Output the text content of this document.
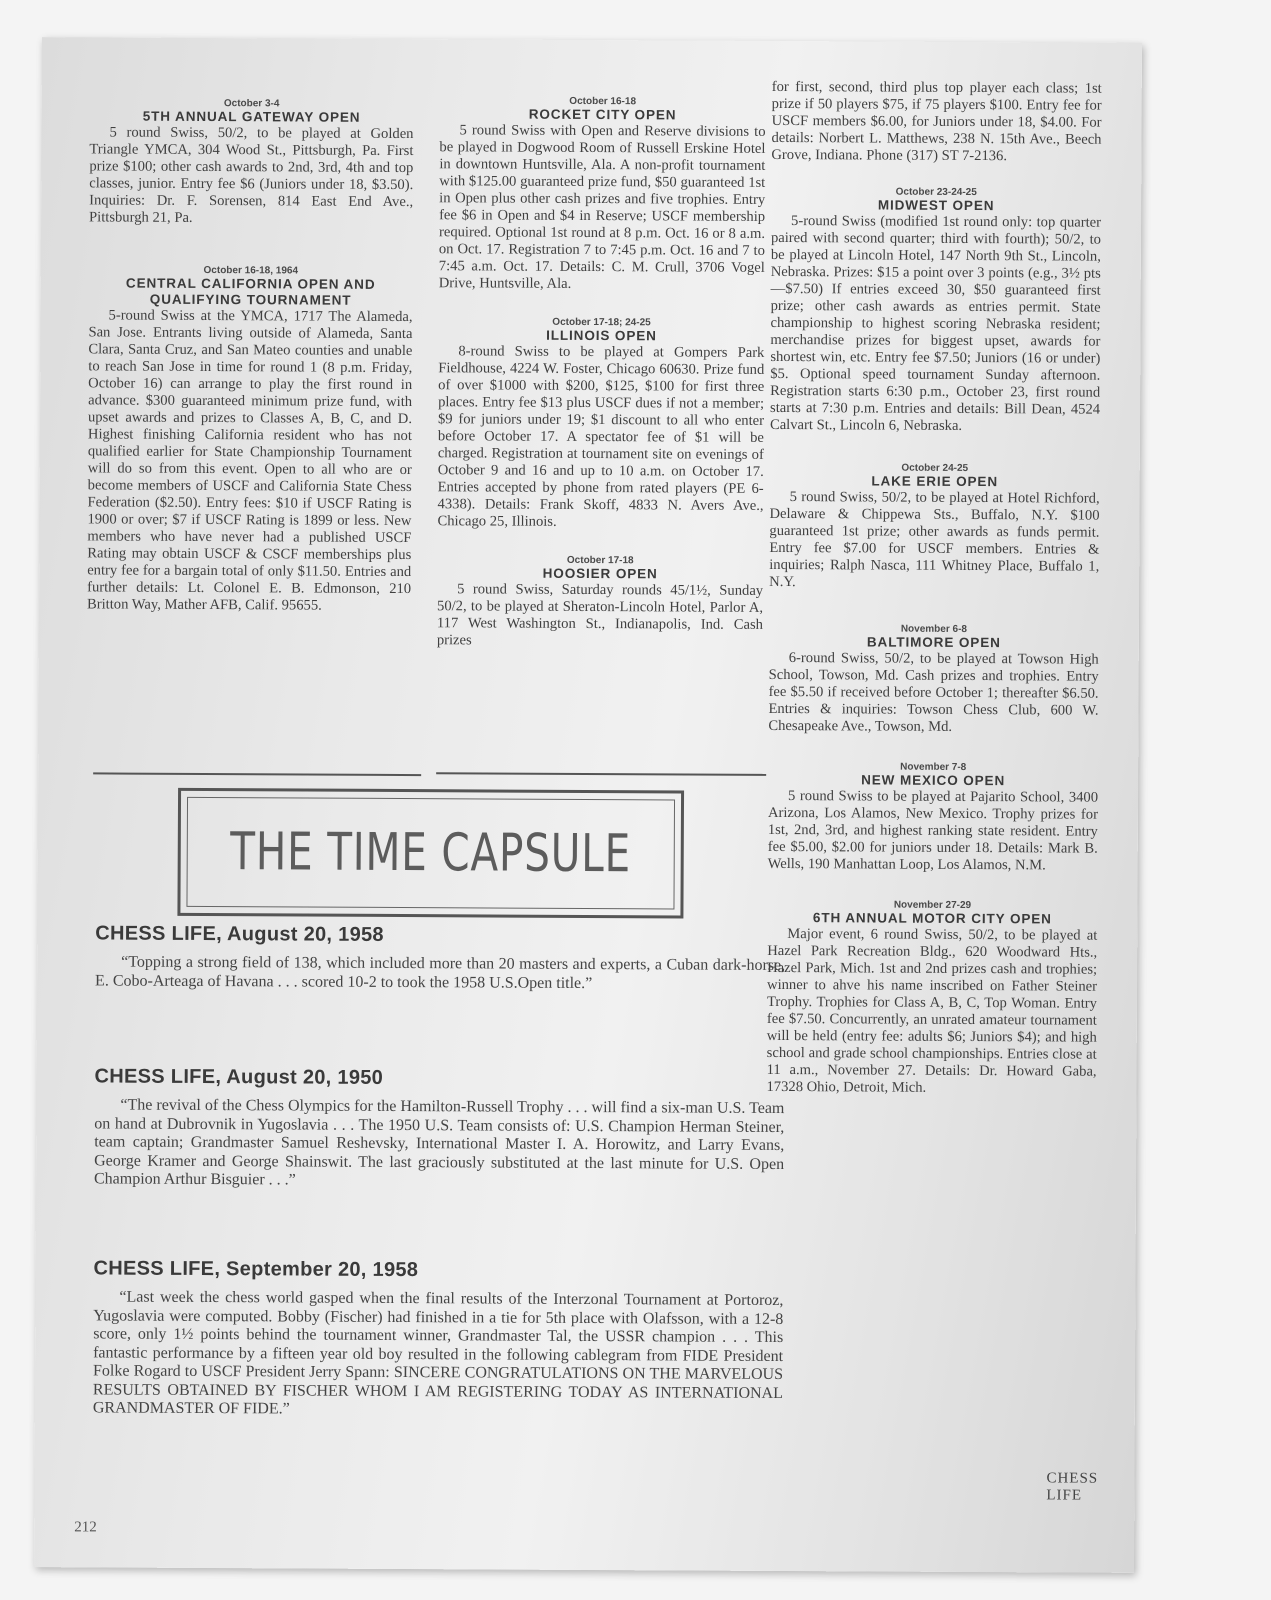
October 3-4
5TH ANNUAL GATEWAY OPEN

5 round Swiss, 50/2, to be played at Golden Triangle YMCA, 304 Wood St., Pittsburgh, Pa. First prize $100; other cash awards to 2nd, 3rd, 4th and top classes, junior. Entry fee $6 (Juniors under 18, $3.50). Inquiries: Dr. F. Sorensen, 814 East End Ave., Pittsburgh 21, Pa.

October 16-18, 1964
CENTRAL CALIFORNIA OPEN AND QUALIFYING TOURNAMENT

5-round Swiss at the YMCA, 1717 The Alameda, San Jose. Entrants living outside of Alameda, Santa Clara, Santa Cruz, and San Mateo counties and unable to reach San Jose in time for round 1 (8 p.m. Friday, October 16) can arrange to play the first round in advance. $300 guaranteed minimum prize fund, with upset awards and prizes to Classes A, B, C, and D. Highest finishing California resident who has not qualified earlier for State Championship Tournament will do so from this event. Open to all who are or become members of USCF and California State Chess Federation ($2.50). Entry fees: $10 if USCF Rating is 1900 or over; $7 if USCF Rating is 1899 or less. New members who have never had a published USCF Rating may obtain USCF & CSCF memberships plus entry fee for a bargain total of only $11.50. Entries and further details: Lt. Colonel E. B. Edmonson, 210 Britton Way, Mather AFB, Calif. 95655.

October 16-18
ROCKET CITY OPEN

5 round Swiss with Open and Reserve divisions to be played in Dogwood Room of Russell Erskine Hotel in downtown Huntsville, Ala. A non-profit tournament with $125.00 guaranteed prize fund, $50 guaranteed 1st in Open plus other cash prizes and five trophies. Entry fee $6 in Open and $4 in Reserve; USCF membership required. Optional 1st round at 8 p.m. Oct. 16 or 8 a.m. on Oct. 17. Registration 7 to 7:45 p.m. Oct. 16 and 7 to 7:45 a.m. Oct. 17. Details: C. M. Crull, 3706 Vogel Drive, Huntsville, Ala.

October 17-18; 24-25
ILLINOIS OPEN

8-round Swiss to be played at Gompers Park Fieldhouse, 4224 W. Foster, Chicago 60630. Prize fund of over $1000 with $200, $125, $100 for first three places. Entry fee $13 plus USCF dues if not a member; $9 for juniors under 19; $1 discount to all who enter before October 17. A spectator fee of $1 will be charged. Registration at tournament site on evenings of October 9 and 16 and up to 10 a.m. on October 17. Entries accepted by phone from rated players (PE 6-4338). Details: Frank Skoff, 4833 N. Avers Ave., Chicago 25, Illinois.

October 17-18
HOOSIER OPEN

5 round Swiss, Saturday rounds 45/1½, Sunday 50/2, to be played at Sheraton-Lincoln Hotel, Parlor A, 117 West Washington St., Indianapolis, Ind. Cash prizes

for first, second, third plus top player each class; 1st prize if 50 players $75, if 75 players $100. Entry fee for USCF members $6.00, for Juniors under 18, $4.00. For details: Norbert L. Matthews, 238 N. 15th Ave., Beech Grove, Indiana. Phone (317) ST 7-2136.

October 23-24-25
MIDWEST OPEN

5-round Swiss (modified 1st round only: top quarter paired with second quarter; third with fourth); 50/2, to be played at Lincoln Hotel, 147 North 9th St., Lincoln, Nebraska. Prizes: $15 a point over 3 points (e.g., 3½ pts—$7.50) If entries exceed 30, $50 guaranteed first prize; other cash awards as entries permit. State championship to highest scoring Nebraska resident; merchandise prizes for biggest upset, awards for shortest win, etc. Entry fee $7.50; Juniors (16 or under) $5. Optional speed tournament Sunday afternoon. Registration starts 6:30 p.m., October 23, first round starts at 7:30 p.m. Entries and details: Bill Dean, 4524 Calvart St., Lincoln 6, Nebraska.

October 24-25
LAKE ERIE OPEN

5 round Swiss, 50/2, to be played at Hotel Richford, Delaware & Chippewa Sts., Buffalo, N.Y. $100 guaranteed 1st prize; other awards as funds permit. Entry fee $7.00 for USCF members. Entries & inquiries; Ralph Nasca, 111 Whitney Place, Buffalo 1, N.Y.

November 6-8
BALTIMORE OPEN

6-round Swiss, 50/2, to be played at Towson High School, Towson, Md. Cash prizes and trophies. Entry fee $5.50 if received before October 1; thereafter $6.50. Entries & inquiries: Towson Chess Club, 600 W. Chesapeake Ave., Towson, Md.

November 7-8
NEW MEXICO OPEN

5 round Swiss to be played at Pajarito School, 3400 Arizona, Los Alamos, New Mexico. Trophy prizes for 1st, 2nd, 3rd, and highest ranking state resident. Entry fee $5.00, $2.00 for juniors under 18. Details: Mark B. Wells, 190 Manhattan Loop, Los Alamos, N.M.

November 27-29
6TH ANNUAL MOTOR CITY OPEN

Major event, 6 round Swiss, 50/2, to be played at Hazel Park Recreation Bldg., 620 Woodward Hts., Hazel Park, Mich. 1st and 2nd prizes cash and trophies; winner to ahve his name inscribed on Father Steiner Trophy. Trophies for Class A, B, C, Top Woman. Entry fee $7.50. Concurrently, an unrated amateur tournament will be held (entry fee: adults $6; Juniors $4); and high school and grade school championships. Entries close at 11 a.m., November 27. Details: Dr. Howard Gaba, 17328 Ohio, Detroit, Mich.

THE TIME CAPSULE
CHESS LIFE, August 20, 1958

“Topping a strong field of 138, which included more than 20 masters and experts, a Cuban dark-horse, E. Cobo-Arteaga of Havana . . . scored 10-2 to took the 1958 U.S.Open title.”

CHESS LIFE, August 20, 1950

“The revival of the Chess Olympics for the Hamilton-Russell Trophy . . . will find a six-man U.S. Team on hand at Dubrovnik in Yugoslavia . . . The 1950 U.S. Team consists of: U.S. Champion Herman Steiner, team captain; Grandmaster Samuel Reshevsky, International Master I. A. Horowitz, and Larry Evans, George Kramer and George Shainswit. The last graciously substituted at the last minute for U.S. Open Champion Arthur Bisguier . . .”

CHESS LIFE, September 20, 1958

“Last week the chess world gasped when the final results of the Interzonal Tournament at Portoroz, Yugoslavia were computed. Bobby (Fischer) had finished in a tie for 5th place with Olafsson, with a 12-8 score, only 1½ points behind the tournament winner, Grandmaster Tal, the USSR champion . . . This fantastic performance by a fifteen year old boy resulted in the following cablegram from FIDE President Folke Rogard to USCF President Jerry Spann: SINCERE CONGRATULATIONS ON THE MARVELOUS RESULTS OBTAINED BY FISCHER WHOM I AM REGISTERING TODAY AS INTERNATIONAL GRANDMASTER OF FIDE.”

CHESS LIFE
212
